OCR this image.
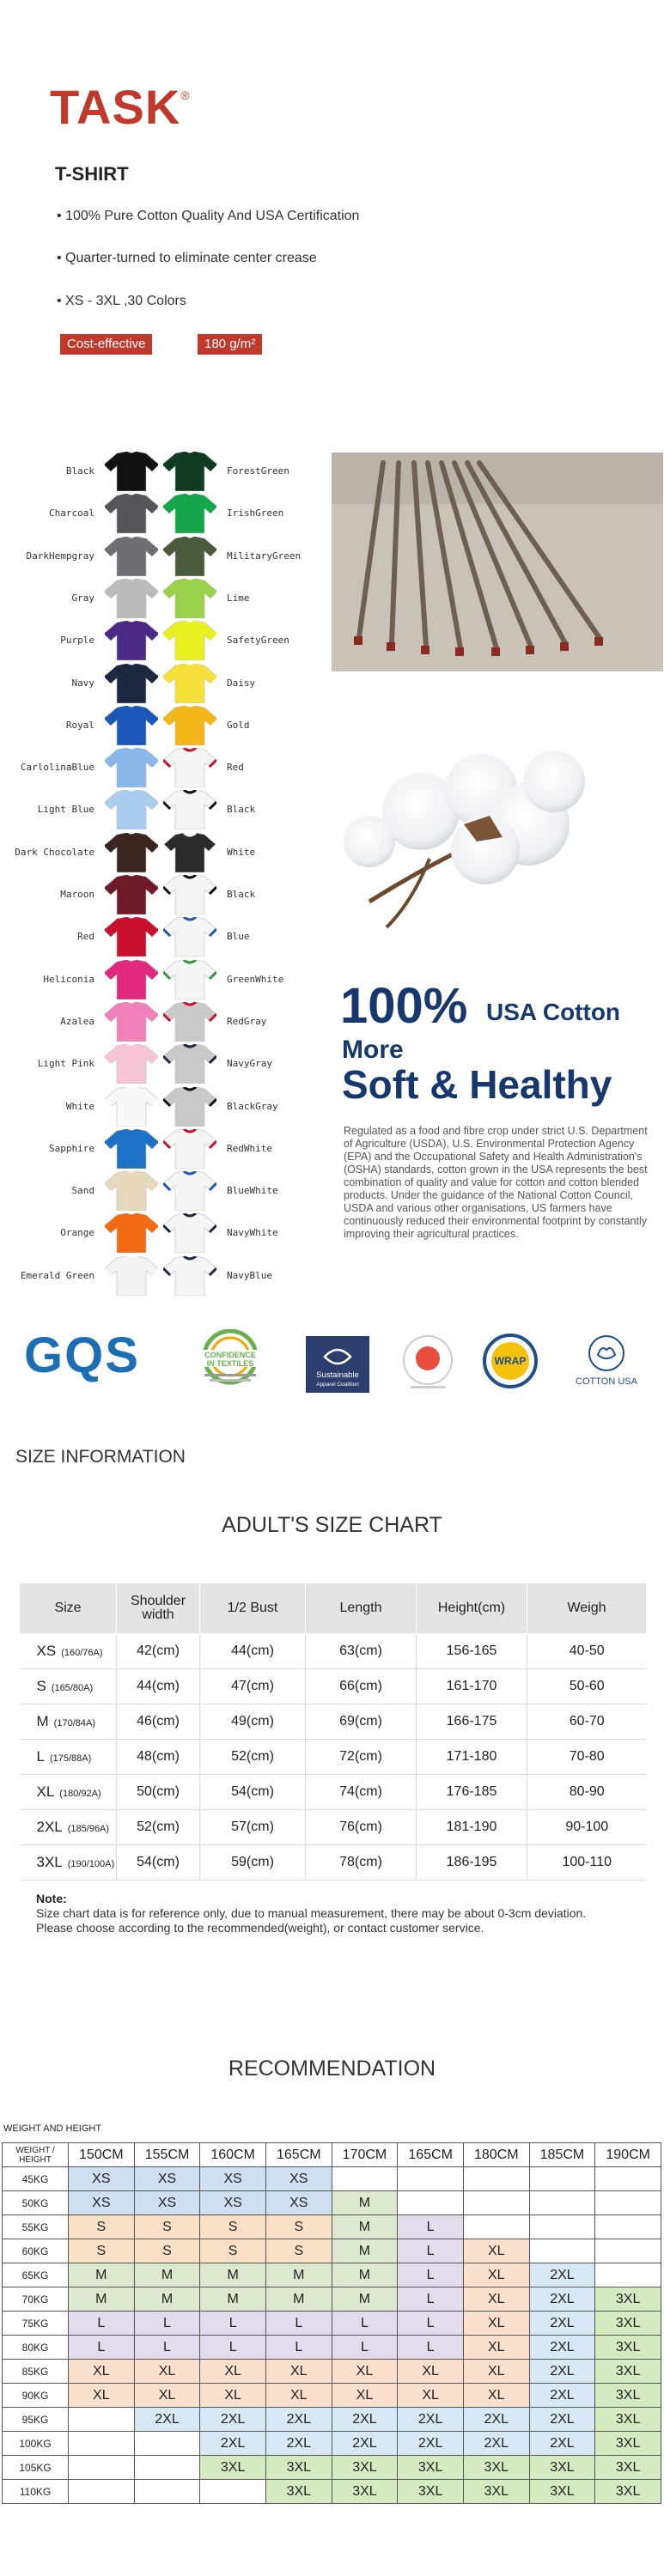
TASK®
T-SHIRT
• 100% Pure Cotton Quality And USA Certification
• Quarter-turned to eliminate center crease
• XS - 3XL ,30 Colors
Cost-effective	180 g/m²
Black
Charcoal
DarkHempgray
Gray
Purple
Navy
Royal
CarlolinaBlue
Light Blue
Dark Chocolate
Maroon
Red
Heliconia
Azalea
Light Pink
White
Sapphire
Sand
Orange
Emerald Green
ForestGreen
IrishGreen
MilitaryGreen
Lime
SafetyGreen
Daisy
Gold
Red
Black
White
Black
Blue
GreenWhite
RedGray
NavyGray
BlackGray
RedWhite
BlueWhite
NavyWhite
NavyBlue
100% USA Cotton
More
Soft & Healthy
Regulated as a food and fibre crop under strict U.S. Department of Agriculture (USDA), U.S. Environmental Protection Agency (EPA) and the Occupational Safety and Health Administration's (OSHA) standards, cotton grown in the USA represents the best combination of quality and value for cotton and cotton blended products. Under the guidance of the National Cotton Council, USDA and various other organisations, US farmers have continuously reduced their environmental footprint by constantly improving their agricultural practices.
GQS	CONFIDENCE
IN TEXTILES
Sustainable
Apparel Coalition
WRAP
COTTON USA
SIZE INFORMATION
ADULT'S SIZE CHART
Size	Shoulder width	1/2 Bust	Length	Height(cm)	Weigh
XS (160/76A)	42(cm)	44(cm)	63(cm)	156-165	40-50
S (165/80A)	44(cm)	47(cm)	66(cm)	161-170	50-60
M (170/84A)	46(cm)	49(cm)	69(cm)	166-175	60-70
L (175/88A)	48(cm)	52(cm)	72(cm)	171-180	70-80
XL (180/92A)	50(cm)	54(cm)	74(cm)	176-185	80-90
2XL (185/96A)	52(cm)	57(cm)	76(cm)	181-190	90-100
3XL (190/100A)	54(cm)	59(cm)	78(cm)	186-195	100-110
Note:
Size chart data is for reference only, due to manual measurement, there may be about 0-3cm deviation.
Please choose according to the recommended(weight), or contact customer service.
RECOMMENDATION
WEIGHT AND HEIGHT
WEIGHT / HEIGHT	150CM	155CM	160CM	165CM	170CM	165CM	180CM	185CM	190CM
45KG	XS	XS	XS	XS					
50KG	XS	XS	XS	XS	M				
55KG	S	S	S	S	M	L			
60KG	S	S	S	S	M	L	XL		
65KG	M	M	M	M	M	L	XL	2XL	
70KG	M	M	M	M	M	L	XL	2XL	3XL
75KG	L	L	L	L	L	L	XL	2XL	3XL
80KG	L	L	L	L	L	L	XL	2XL	3XL
85KG	XL	XL	XL	XL	XL	XL	XL	2XL	3XL
90KG	XL	XL	XL	XL	XL	XL	XL	2XL	3XL
95KG		2XL	2XL	2XL	2XL	2XL	2XL	2XL	3XL
100KG			2XL	2XL	2XL	2XL	2XL	2XL	3XL
105KG			3XL	3XL	3XL	3XL	3XL	3XL	3XL
110KG				3XL	3XL	3XL	3XL	3XL	3XL
